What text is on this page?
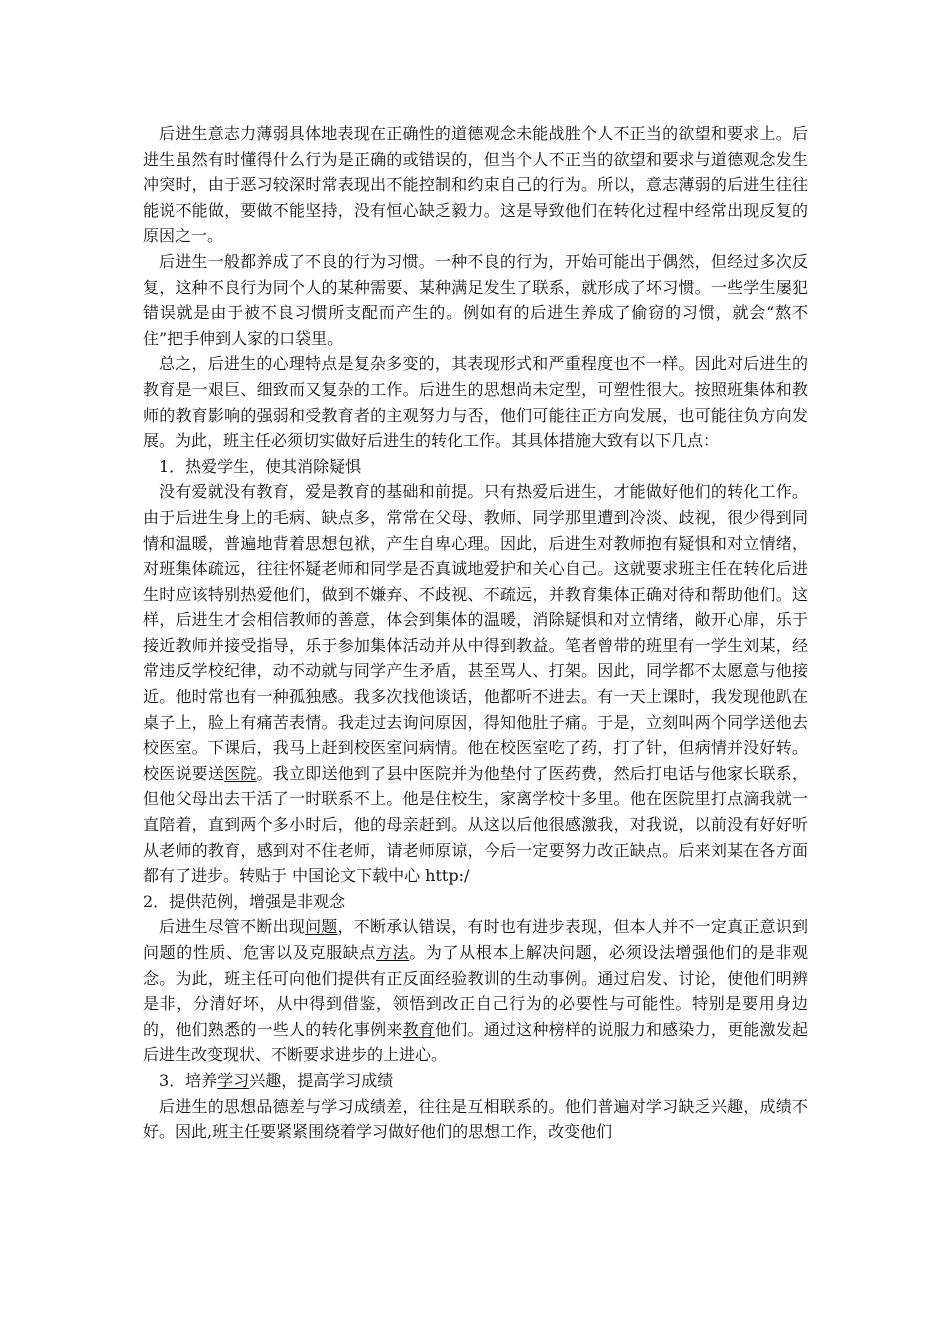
后进生意志力薄弱具体地表现在正确性的道德观念未能战胜个人不正当的欲望和要求上。后进生虽然有时懂得什么行为是正确的或错误的，但当个人不正当的欲望和要求与道德观念发生冲突时，由于恶习较深时常表现出不能控制和约束自己的行为。所以，意志薄弱的后进生往往能说不能做，要做不能坚持，没有恒心缺乏毅力。这是导致他们在转化过程中经常出现反复的原因之一。

后进生一般都养成了不良的行为习惯。一种不良的行为，开始可能出于偶然，但经过多次反复，这种不良行为同个人的某种需要、某种满足发生了联系，就形成了坏习惯。一些学生屡犯错误就是由于被不良习惯所支配而产生的。例如有的后进生养成了偷窃的习惯，就会“熬不住”把手伸到人家的口袋里。

总之，后进生的心理特点是复杂多变的，其表现形式和严重程度也不一样。因此对后进生的教育是一艰巨、细致而又复杂的工作。后进生的思想尚未定型，可塑性很大。按照班集体和教师的教育影响的强弱和受教育者的主观努力与否，他们可能往正方向发展，也可能往负方向发展。为此，班主任必须切实做好后进生的转化工作。其具体措施大致有以下几点：

1．热爱学生，使其消除疑惧

没有爱就没有教育，爱是教育的基础和前提。只有热爱后进生，才能做好他们的转化工作。由于后进生身上的毛病、缺点多，常常在父母、教师、同学那里遭到冷淡、歧视，很少得到同情和温暖，普遍地背着思想包袱，产生自卑心理。因此，后进生对教师抱有疑惧和对立情绪，对班集体疏远，往往怀疑老师和同学是否真诚地爱护和关心自己。这就要求班主任在转化后进生时应该特别热爱他们，做到不嫌弃、不歧视、不疏远，并教育集体正确对待和帮助他们。这样，后进生才会相信教师的善意，体会到集体的温暖，消除疑惧和对立情绪，敞开心扉，乐于接近教师并接受指导，乐于参加集体活动并从中得到教益。笔者曾带的班里有一学生刘某，经常违反学校纪律，动不动就与同学产生矛盾，甚至骂人、打架。因此，同学都不太愿意与他接近。他时常也有一种孤独感。我多次找他谈话，他都听不进去。有一天上课时，我发现他趴在桌子上，脸上有痛苦表情。我走过去询问原因，得知他肚子痛。于是，立刻叫两个同学送他去校医室。下课后，我马上赶到校医室问病情。他在校医室吃了药，打了针，但病情并没好转。校医说要送医院。我立即送他到了县中医院并为他垫付了医药费，然后打电话与他家长联系，但他父母出去干活了一时联系不上。他是住校生，家离学校十多里。他在医院里打点滴我就一直陪着，直到两个多小时后，他的母亲赶到。从这以后他很感激我，对我说，以前没有好好听从老师的教育，感到对不住老师，请老师原谅，今后一定要努力改正缺点。后来刘某在各方面都有了进步。转贴于 中国论文下载中心 http:/

2．提供范例，增强是非观念

后进生尽管不断出现问题，不断承认错误，有时也有进步表现，但本人并不一定真正意识到问题的性质、危害以及克服缺点方法。为了从根本上解决问题，必须设法增强他们的是非观念。为此，班主任可向他们提供有正反面经验教训的生动事例。通过启发、讨论，使他们明辨是非，分清好坏，从中得到借鉴，领悟到改正自己行为的必要性与可能性。特别是要用身边的，他们熟悉的一些人的转化事例来教育他们。通过这种榜样的说服力和感染力，更能激发起后进生改变现状、不断要求进步的上进心。

3．培养学习兴趣，提高学习成绩

后进生的思想品德差与学习成绩差，往往是互相联系的。他们普遍对学习缺乏兴趣，成绩不好。因此,班主任要紧紧围绕着学习做好他们的思想工作，改变他们
